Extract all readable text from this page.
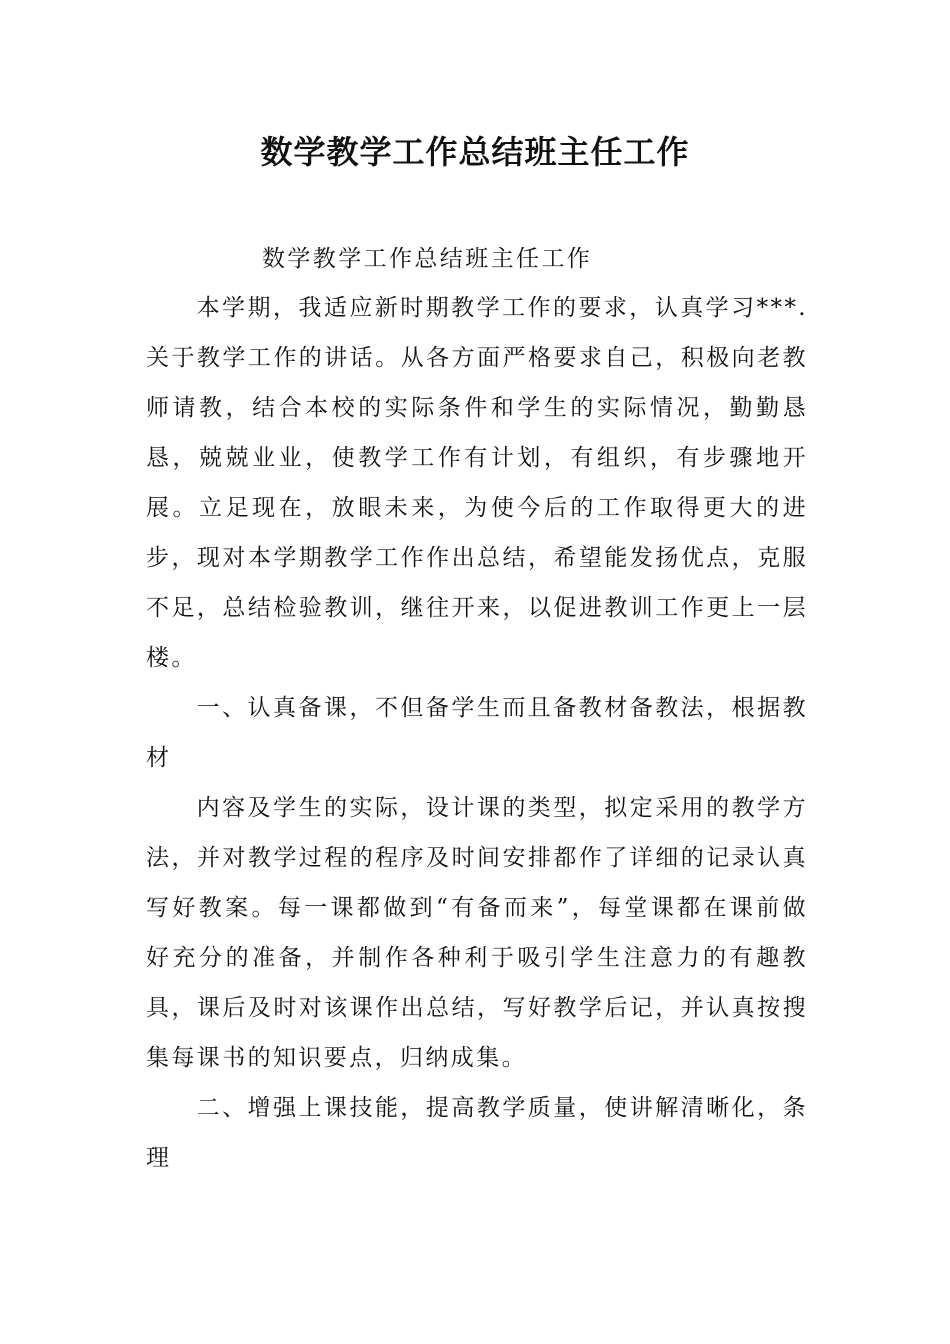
数学教学工作总结班主任工作
数学教学工作总结班主任工作

本学期，我适应新时期教学工作的要求，认真学习***.关于教学工作的讲话。从各方面严格要求自己，积极向老教师请教，结合本校的实际条件和学生的实际情况，勤勤恳恳，兢兢业业，使教学工作有计划，有组织，有步骤地开展。立足现在，放眼未来，为使今后的工作取得更大的进步，现对本学期教学工作作出总结，希望能发扬优点，克服不足，总结检验教训，继往开来，以促进教训工作更上一层楼。

一、认真备课，不但备学生而且备教材备教法，根据教材

内容及学生的实际，设计课的类型，拟定采用的教学方法，并对教学过程的程序及时间安排都作了详细的记录认真写好教案。每一课都做到“有备而来”，每堂课都在课前做好充分的准备，并制作各种利于吸引学生注意力的有趣教具，课后及时对该课作出总结，写好教学后记，并认真按搜集每课书的知识要点，归纳成集。

二、增强上课技能，提高教学质量，使讲解清晰化，条理
